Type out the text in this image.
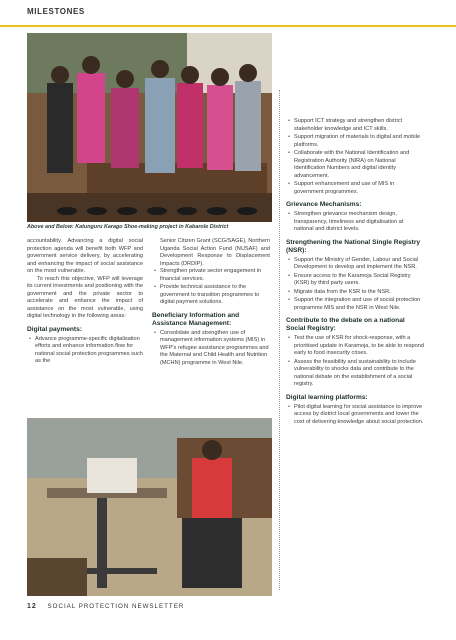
MILESTONES
Above and Below: Katunguru Karago Shoe-making project in Kabarole District

accountability. Advancing a digital social protection agenda will benefit both WFP and government service delivery, by accelerating and enhancing the impact of social assistance on the most vulnerable.

To reach this objective, WFP will leverage its current investments and positioning with the government and the private sector to accelerate and enhance the impact of assistance on the most vulnerable, using digital technology in the following areas:

Digital payments:
• Advance programme-specific digitalisation efforts and enhance information flow for national social protection programmes such as the

Senior Citizen Grant (SCG/SAGE), Northern Uganda Social Action Fund (NUSAF) and Development Response to Displacement Impacts (DRDIP).

• Strengthen private sector engagement in financial services.
• Provide technical assistance to the government to transition programmes to digital payment solutions.
Beneficiary Information and Assistance Management:
• Consolidate and strengthen use of management information systems (MIS) in WFP's refugee assistance programmes and the Maternal and Child Health and Nutrition (MCHN) programme in West Nile.
• Support ICT strategy and strengthen district stakeholder knowledge and ICT skills.
• Support migration of materials to digital and mobile platforms.
• Collaborate with the National Identification and Registration Authority (NIRA) on National Identification Numbers and digital identity advancement.
• Support enhancement and use of MIS in government programmes.
Grievance Mechanisms:
• Strengthen grievance mechanism design, transparency, timeliness and digitalisation at national and district levels.
Strengthening the National Single Registry (NSR):
• Support the Ministry of Gender, Labour and Social Development to develop and implement the NSR.
• Ensure access to the Karamoja Social Registry (KSR) by third party users.
• Migrate data from the KSR to the NSR.
• Support the integration and use of social protection programme MIS and the NSR in West Nile.
Contribute to the debate on a national Social Registry:
• Test the use of KSR for shock-response, with a prioritised update in Karamoja, to be able to respond early to food insecurity crises.
• Assess the feasibility and sustainability to include vulnerability to shocks data and contribute to the national debate on the establishment of a social registry.
Digital learning platforms:
• Pilot digital learning for social assistance to improve access by district local governments and lower the cost of delivering knowledge about social protection.
12 SOCIAL PROTECTION NEWSLETTER
